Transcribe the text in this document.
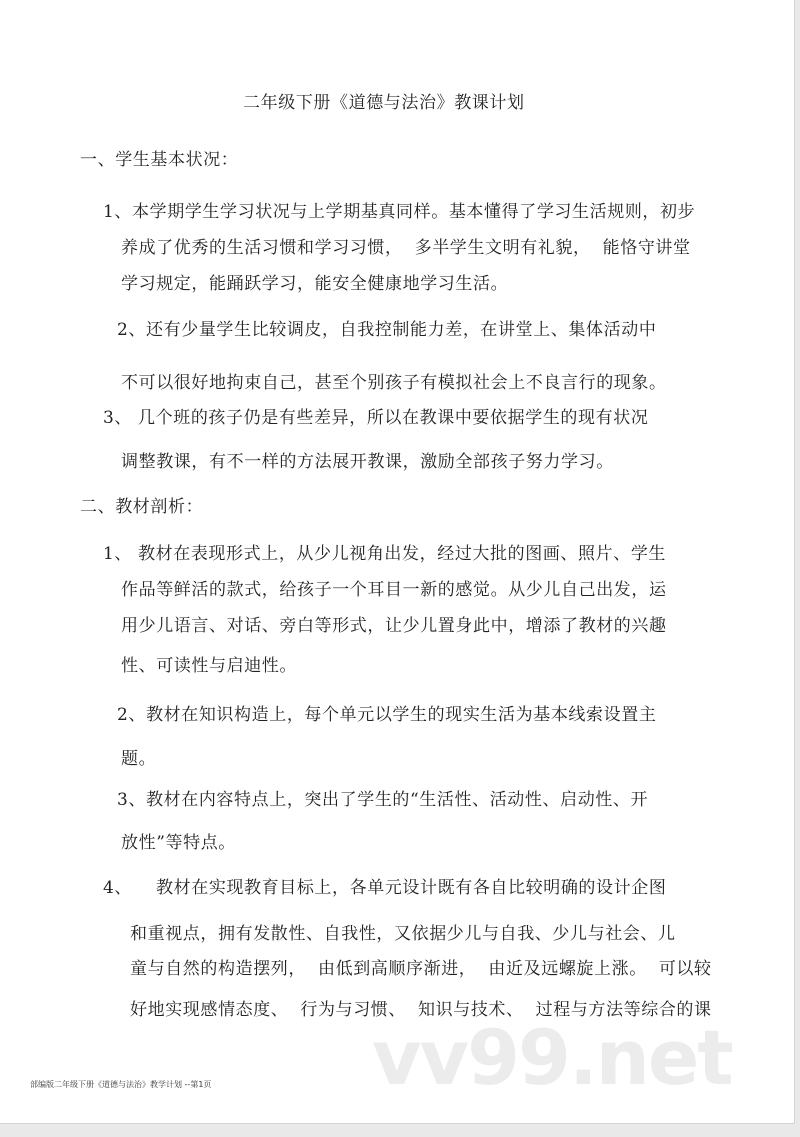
二年级下册《道德与法治》教课计划
一、学生基本状况：
1、本学期学生学习状况与上学期基真同样。基本懂得了学习生活规则，初步
养成了优秀的生活习惯和学习习惯，  多半学生文明有礼貌，  能恪守讲堂
学习规定，能踊跃学习，能安全健康地学习生活。
2、还有少量学生比较调皮，自我控制能力差，在讲堂上、集体活动中
不可以很好地拘束自己，甚至个别孩子有模拟社会上不良言行的现象。
3、 几个班的孩子仍是有些差异，所以在教课中要依据学生的现有状况
调整教课，有不一样的方法展开教课，激励全部孩子努力学习。
二、教材剖析：
1、 教材在表现形式上，从少儿视角出发，经过大批的图画、照片、学生
作品等鲜活的款式，给孩子一个耳目一新的感觉。从少儿自己出发，运
用少儿语言、对话、旁白等形式，让少儿置身此中，增添了教材的兴趣
性、可读性与启迪性。
2、教材在知识构造上，每个单元以学生的现实生活为基本线索设置主
题。
3、教材在内容特点上，突出了学生的“生活性、活动性、启动性、开
放性”等特点。
4、    教材在实现教育目标上，各单元设计既有各自比较明确的设计企图
和重视点，拥有发散性、自我性，又依据少儿与自我、少儿与社会、儿
童与自然的构造摆列，  由低到高顺序渐进，  由近及远螺旋上涨。  可以较
好地实现感情态度、  行为与习惯、  知识与技术、  过程与方法等综合的课
vv99.net
部编版二年级下册《道德与法治》教学计划 --第1页
